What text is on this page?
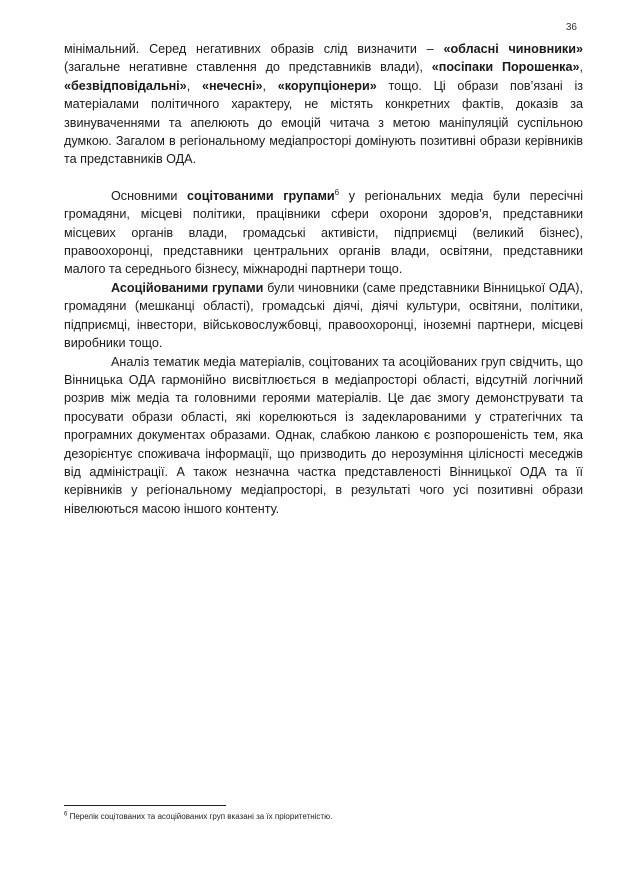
36

мінімальний. Серед негативних образів слід визначити – «обласні чиновники» (загальне негативне ставлення до представників влади), «посіпаки Порошенка», «безвідповідальні», «нечесні», «корупціонери» тощо. Ці образи пов’язані із матеріалами політичного характеру, не містять конкретних фактів, доказів за звинуваченнями та апелюють до емоцій читача з метою маніпуляцій суспільною думкою. Загалом в регіональному медіапросторі домінують позитивні образи керівників та представників ОДА.

Основними соцiтованими групами$^6$ у регіональних медіа були пересічні громадяни, місцеві політики, працівники сфери охорони здоров’я, представники місцевих органів влади, громадські активісти, підприємці (великий бізнес), правоохоронці, представники центральних органів влади, освітяни, представники малого та середнього бізнесу, міжнародні партнери тощо.

Асоційованими групами були чиновники (саме представники Вінницької ОДА), громадяни (мешканці області), громадські діячі, діячі культури, освітяни, політики, підприємці, інвестори, військовослужбовці, правоохоронці, іноземні партнери, місцеві виробники тощо.

Аналіз тематик медіа матеріалів, соцітованих та асоційованих груп свідчить, що Вінницька ОДА гармонійно висвітлюється в медіапросторі області, відсутній логічний розрив між медіа та головними героями матеріалів. Це дає змогу демонструвати та просувати образи області, які корелюються із задекларованими у стратегічних та програмних документах образами. Однак, слабкою ланкою є розпорошеність тем, яка дезорієнтує споживача інформації, що призводить до нерозуміння цілісності меседжів від адміністрації. А також незначна частка представленості Вінницької ОДА та її керівників у регіональному медіапросторі, в результаті чого усі позитивні образи нівелюються масою іншого контенту.

$^6$ Перелік соцітованих та асоційованих груп вказані за їх пріоритетністю.
